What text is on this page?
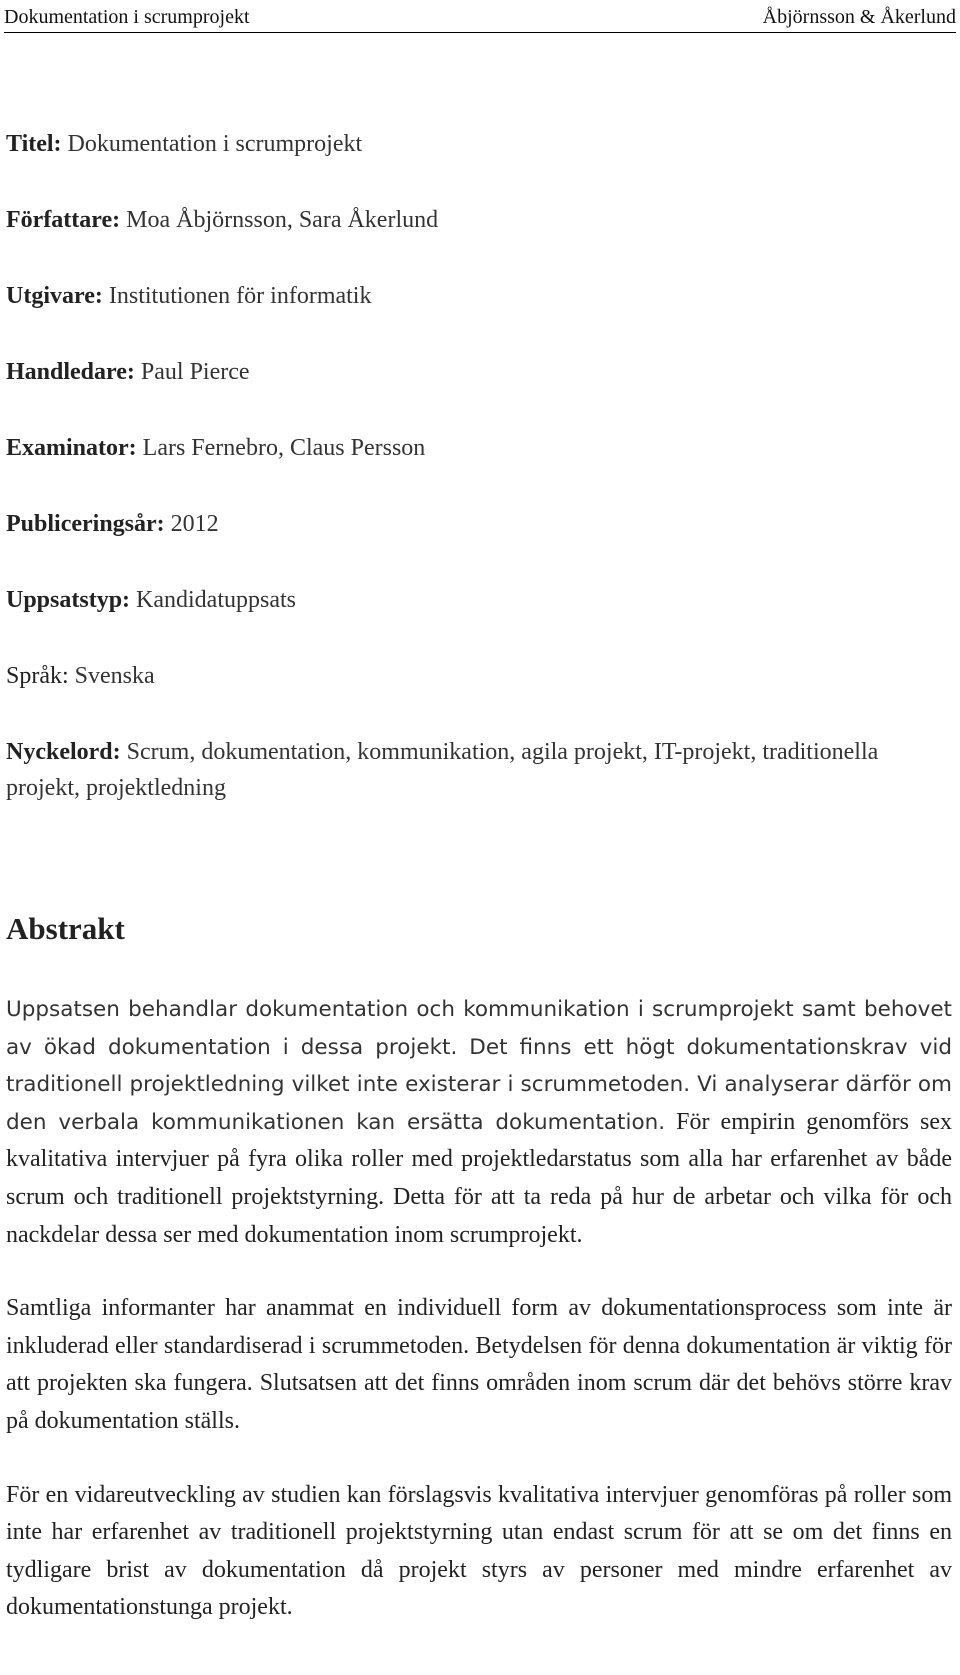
Dokumentation i scrumprojekt	Åbjörnsson & Åkerlund

Titel: Dokumentation i scrumprojekt

Författare: Moa Åbjörnsson, Sara Åkerlund

Utgivare: Institutionen för informatik

Handledare: Paul Pierce

Examinator: Lars Fernebro, Claus Persson

Publiceringsår: 2012

Uppsatstyp: Kandidatuppsats

Språk: Svenska

Nyckelord: Scrum, dokumentation, kommunikation, agila projekt, IT-projekt, traditionella projekt, projektledning

Abstrakt

Uppsatsen behandlar dokumentation och kommunikation i scrumprojekt samt behovet av ökad dokumentation i dessa projekt. Det finns ett högt dokumentationskrav vid traditionell projektledning vilket inte existerar i scrummetoden. Vi analyserar därför om den verbala kommunikationen kan ersätta dokumentation. För empirin genomförs sex kvalitativa intervjuer på fyra olika roller med projektledarstatus som alla har erfarenhet av både scrum och traditionell projektstyrning. Detta för att ta reda på hur de arbetar och vilka för och nackdelar dessa ser med dokumentation inom scrumprojekt.

Samtliga informanter har anammat en individuell form av dokumentationsprocess som inte är inkluderad eller standardiserad i scrummetoden. Betydelsen för denna dokumentation är viktig för att projekten ska fungera. Slutsatsen att det finns områden inom scrum där det behövs större krav på dokumentation ställs.

För en vidareutveckling av studien kan förslagsvis kvalitativa intervjuer genomföras på roller som inte har erfarenhet av traditionell projektstyrning utan endast scrum för att se om det finns en tydligare brist av dokumentation då projekt styrs av personer med mindre erfarenhet av dokumentationstunga projekt.
